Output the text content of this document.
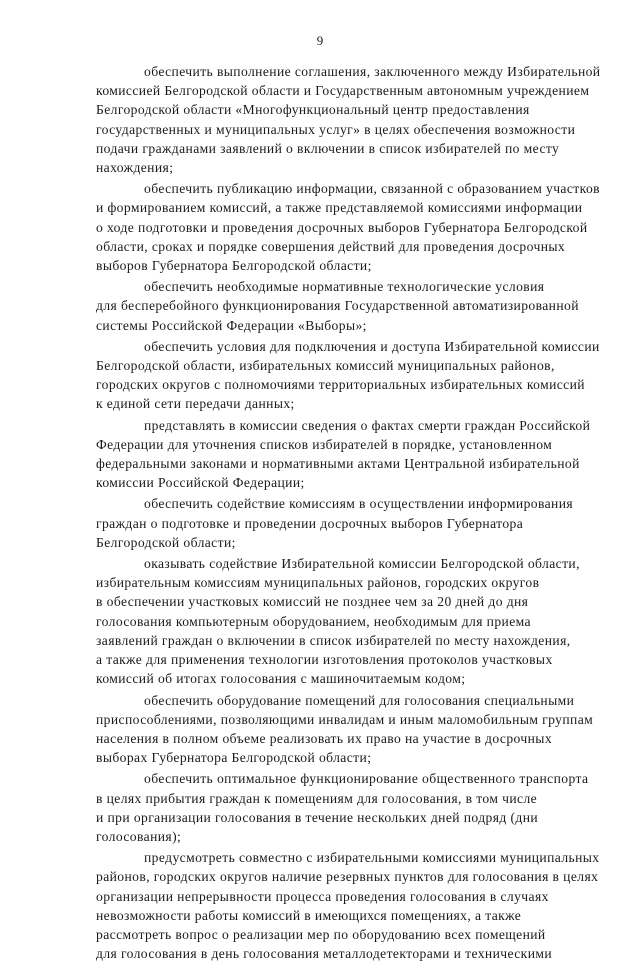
9

обеспечить выполнение соглашения, заключенного между Избирательной
комиссией Белгородской области и Государственным автономным учреждением
Белгородской области «Многофункциональный центр предоставления
государственных и муниципальных услуг» в целях обеспечения возможности
подачи гражданами заявлений о включении в список избирателей по месту
нахождения;

обеспечить публикацию информации, связанной с образованием участков
и формированием комиссий, а также представляемой комиссиями информации
о ходе подготовки и проведения досрочных выборов Губернатора Белгородской
области, сроках и порядке совершения действий для проведения досрочных
выборов Губернатора Белгородской области;

обеспечить необходимые нормативные технологические условия
для бесперебойного функционирования Государственной автоматизированной
системы Российской Федерации «Выборы»;

обеспечить условия для подключения и доступа Избирательной комиссии
Белгородской области, избирательных комиссий муниципальных районов,
городских округов с полномочиями территориальных избирательных комиссий
к единой сети передачи данных;

представлять в комиссии сведения о фактах смерти граждан Российской
Федерации для уточнения списков избирателей в порядке, установленном
федеральными законами и нормативными актами Центральной избирательной
комиссии Российской Федерации;

обеспечить содействие комиссиям в осуществлении информирования
граждан о подготовке и проведении досрочных выборов Губернатора
Белгородской области;

оказывать содействие Избирательной комиссии Белгородской области,
избирательным комиссиям муниципальных районов, городских округов
в обеспечении участковых комиссий не позднее чем за 20 дней до дня
голосования компьютерным оборудованием, необходимым для приема
заявлений граждан о включении в список избирателей по месту нахождения,
а также для применения технологии изготовления протоколов участковых
комиссий об итогах голосования с машиночитаемым кодом;

обеспечить оборудование помещений для голосования специальными
приспособлениями, позволяющими инвалидам и иным маломобильным группам
населения в полном объеме реализовать их право на участие в досрочных
выборах Губернатора Белгородской области;

обеспечить оптимальное функционирование общественного транспорта
в целях прибытия граждан к помещениям для голосования, в том числе
и при организации голосования в течение нескольких дней подряд (дни
голосования);

предусмотреть совместно с избирательными комиссиями муниципальных
районов, городских округов наличие резервных пунктов для голосования в целях
организации непрерывности процесса проведения голосования в случаях
невозможности работы комиссий в имеющихся помещениях, а также
рассмотреть вопрос о реализации мер по оборудованию всех помещений
для голосования в день голосования металлодетекторами и техническими
